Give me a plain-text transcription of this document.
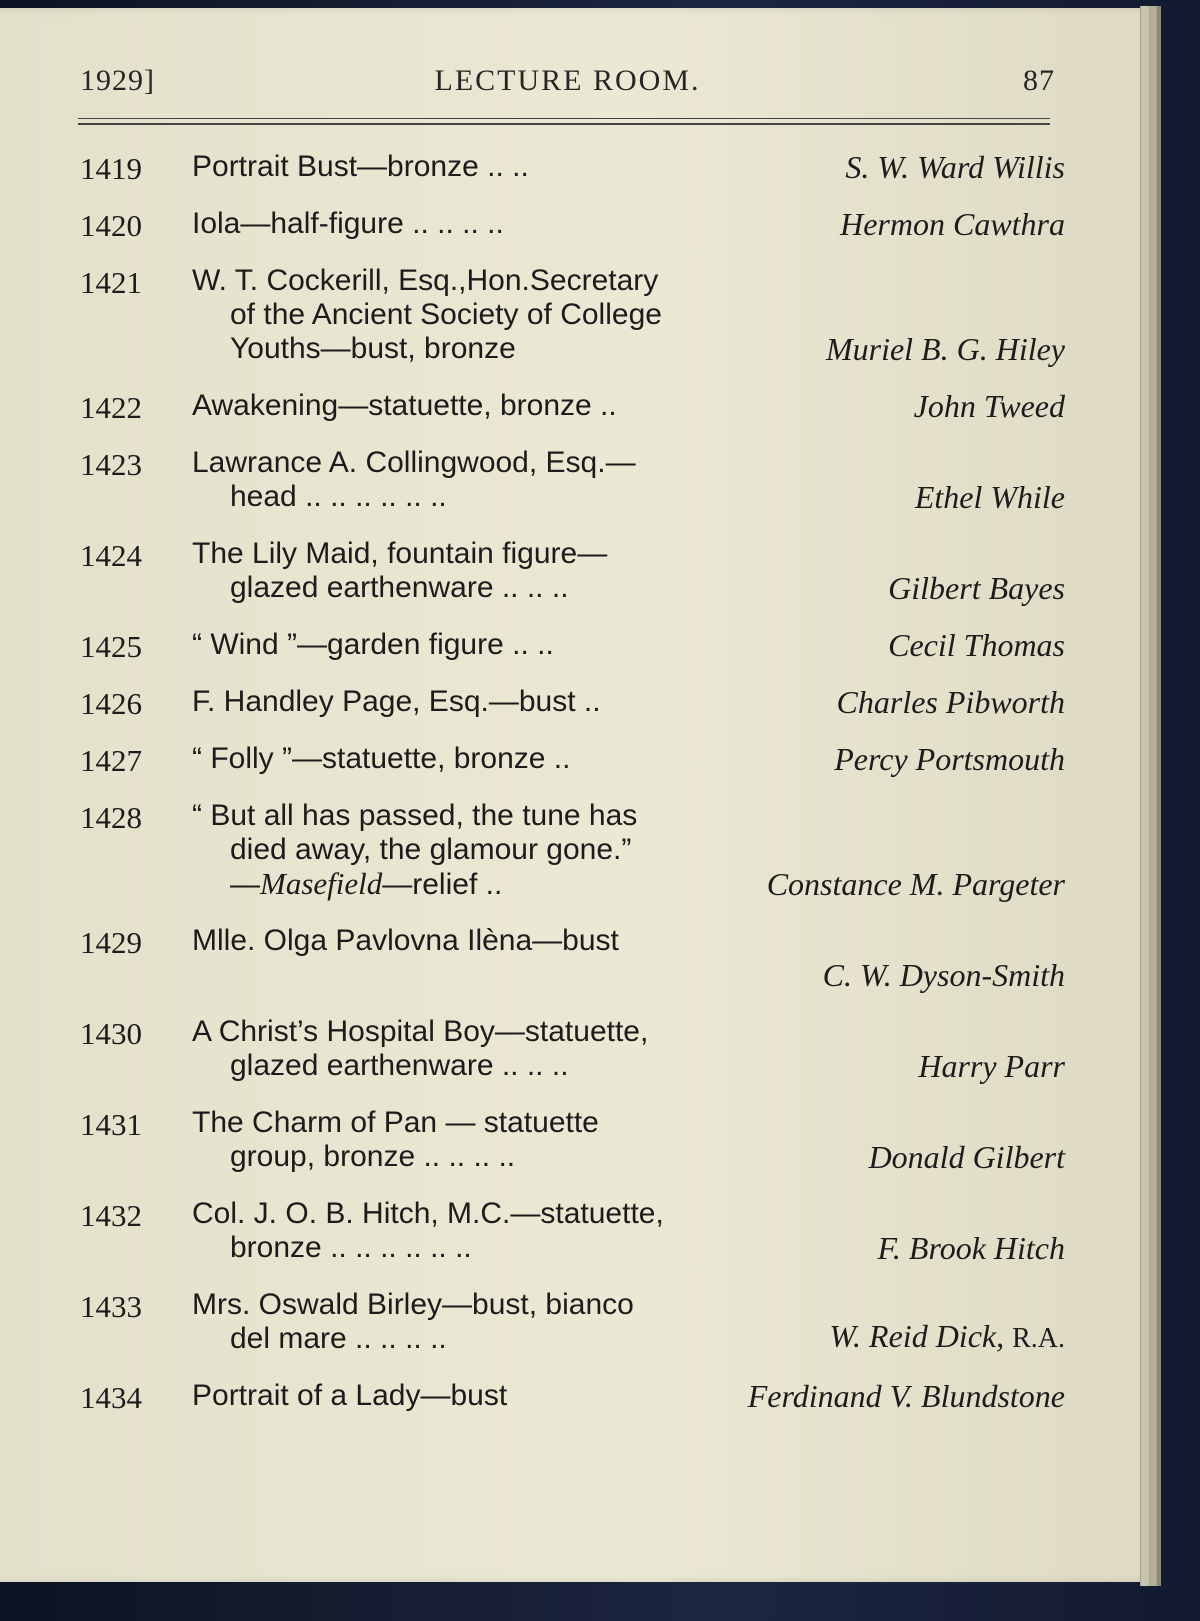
1929]	LECTURE ROOM.	87
1419 Portrait Bust—bronze .. ..	S. W. Ward Willis
1420 Iola—half-figure .. .. .. ..	Hermon Cawthra
1421 W. T. Cockerill, Esq.,Hon.Secretary
of the Ancient Society of College
Youths—bust, bronze	Muriel B. G. Hiley
1422 Awakening—statuette, bronze ..	John Tweed
1423 Lawrance A. Collingwood, Esq.—
head .. .. .. .. .. ..	Ethel While
1424 The Lily Maid, fountain figure—
glazed earthenware .. .. ..	Gilbert Bayes
1425 “ Wind ”—garden figure .. ..	Cecil Thomas
1426 F. Handley Page, Esq.—bust ..	Charles Pibworth
1427 “ Folly ”—statuette, bronze ..	Percy Portsmouth
1428 “ But all has passed, the tune has
died away, the glamour gone.”
—Masefield—relief ..	Constance M. Pargeter
1429 Mlle. Olga Pavlovna Ilèna—bust
C. W. Dyson-Smith
1430 A Christ’s Hospital Boy—statuette,
glazed earthenware .. .. ..	Harry Parr
1431 The Charm of Pan — statuette
group, bronze .. .. .. ..	Donald Gilbert
1432 Col. J. O. B. Hitch, M.C.—statuette,
bronze .. .. .. .. .. ..	F. Brook Hitch
1433 Mrs. Oswald Birley—bust, bianco
del mare .. .. .. ..	W. Reid Dick, R.A.
1434 Portrait of a Lady—bust	Ferdinand V. Blundstone
